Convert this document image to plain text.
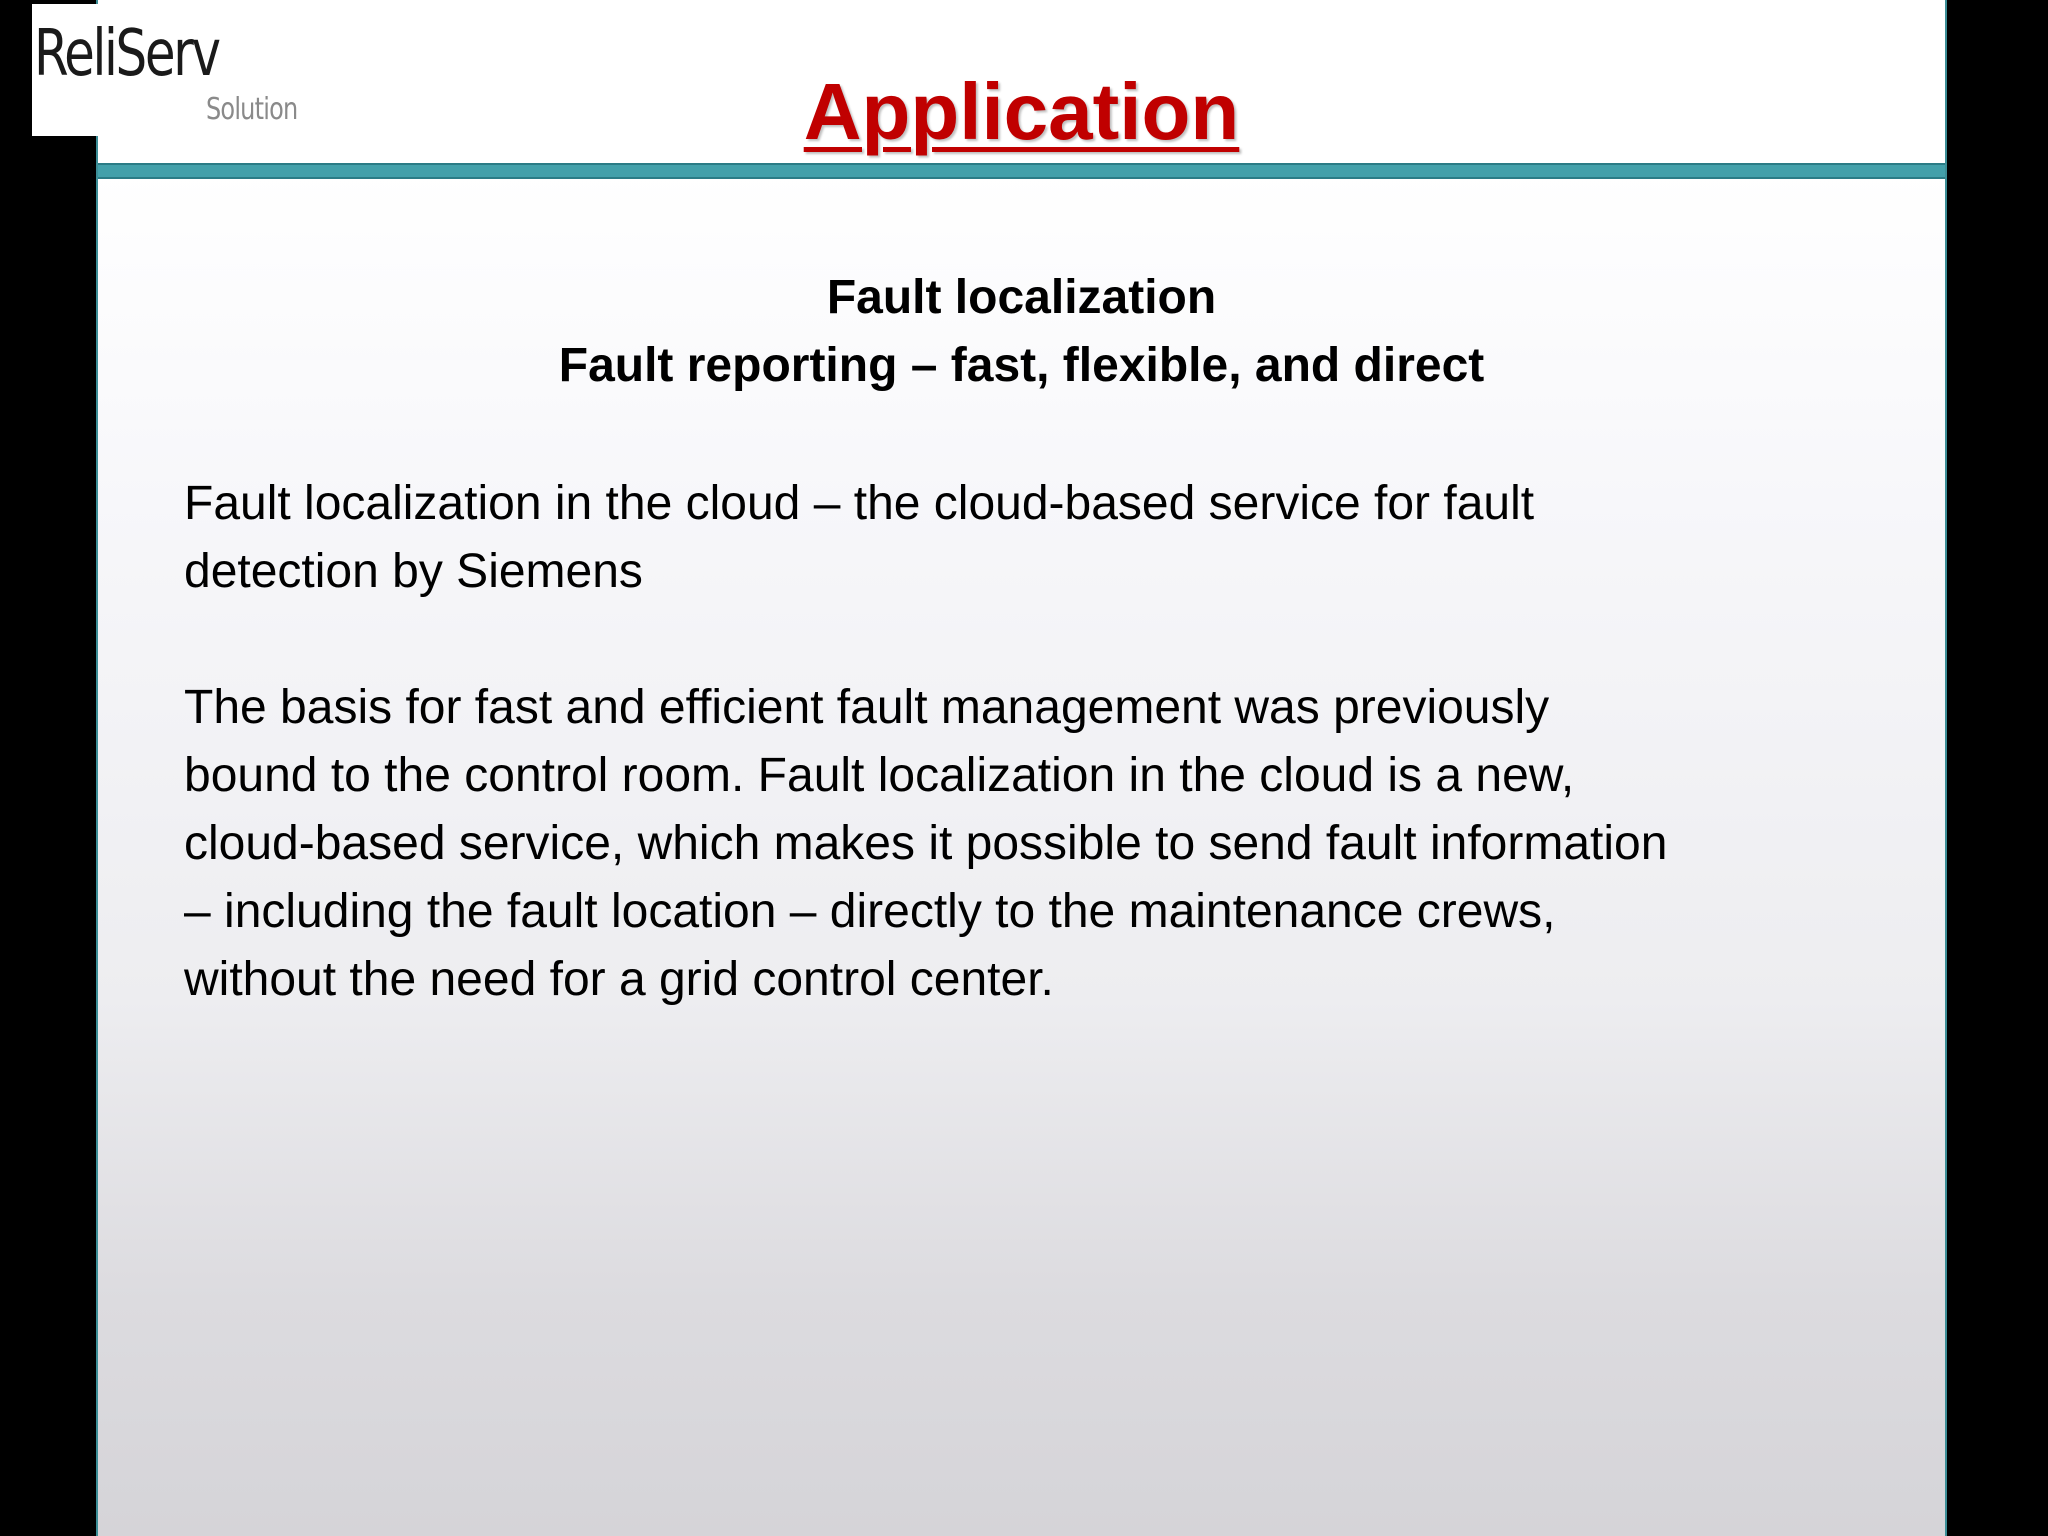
Application
ReliServ
Solution
Fault localization
Fault reporting – fast, flexible, and direct

Fault localization in the cloud – the cloud-based service for fault

detection by Siemens

The basis for fast and efficient fault management was previously

bound to the control room. Fault localization in the cloud is a new,

cloud-based service, which makes it possible to send fault information

– including the fault location – directly to the maintenance crews,

without the need for a grid control center.
